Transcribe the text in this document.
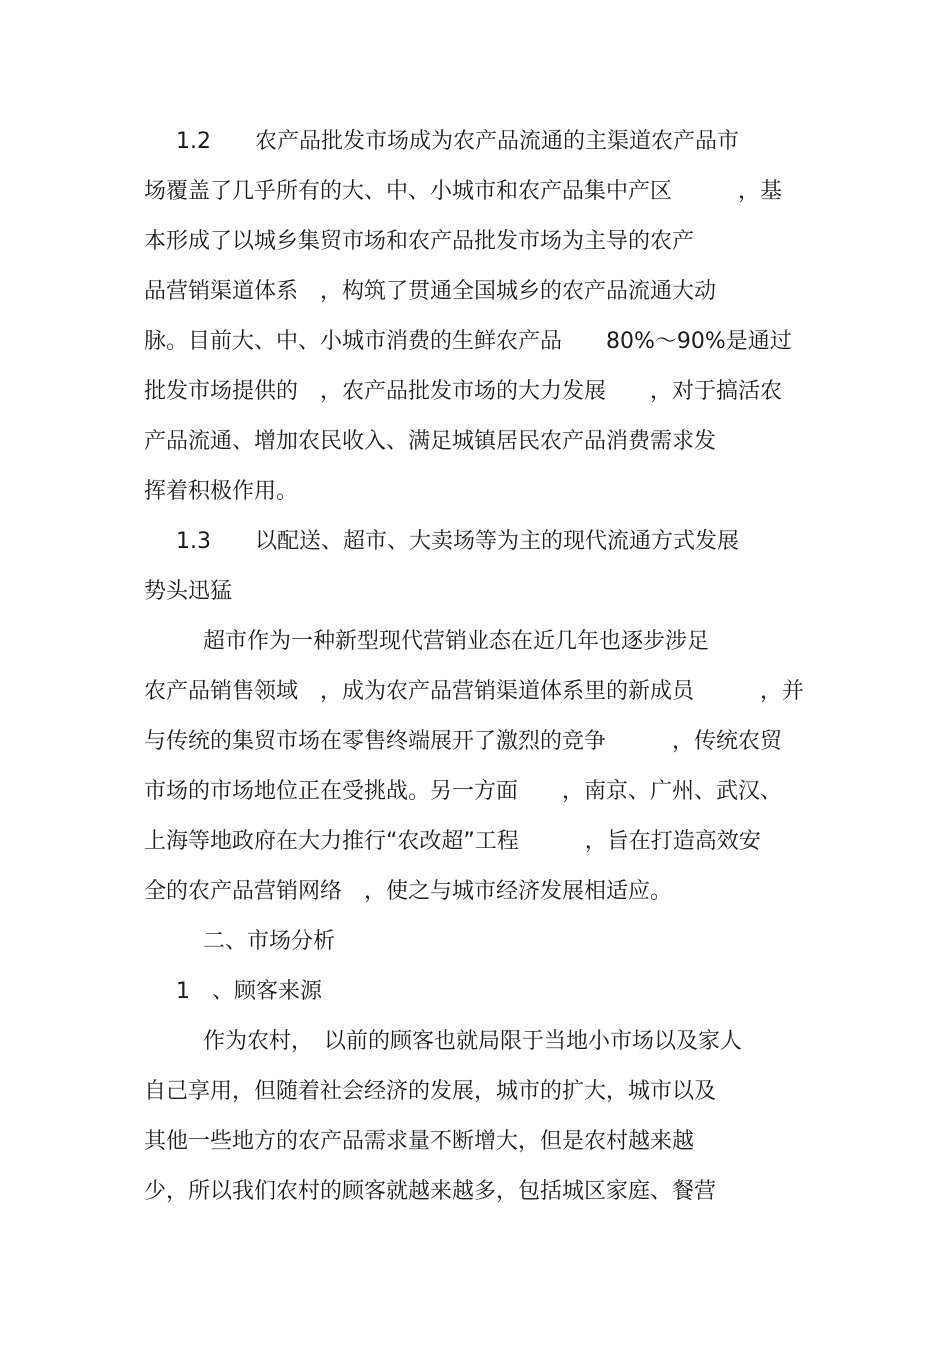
1.2　　农产品批发市场成为农产品流通的主渠道农产品市
场覆盖了几乎所有的大、中、小城市和农产品集中产区　　　，基
本形成了以城乡集贸市场和农产品批发市场为主导的农产
品营销渠道体系　，构筑了贯通全国城乡的农产品流通大动
脉。目前大、中、小城市消费的生鲜农产品　　80%～90%是通过
批发市场提供的　，农产品批发市场的大力发展　　，对于搞活农
产品流通、增加农民收入、满足城镇居民农产品消费需求发
挥着积极作用。
1.3　　以配送、超市、大卖场等为主的现代流通方式发展
势头迅猛
超市作为一种新型现代营销业态在近几年也逐步涉足
农产品销售领域　，成为农产品营销渠道体系里的新成员　　　，并
与传统的集贸市场在零售终端展开了激烈的竞争　　　，传统农贸
市场的市场地位正在受挑战。另一方面　　，南京、广州、武汉、
上海等地政府在大力推行“农改超”工程　　　，旨在打造高效安
全的农产品营销网络　，使之与城市经济发展相适应。
二、市场分析
1　、顾客来源
作为农村，　以前的顾客也就局限于当地小市场以及家人
自己享用，但随着社会经济的发展，城市的扩大，城市以及
其他一些地方的农产品需求量不断增大，但是农村越来越
少，所以我们农村的顾客就越来越多，包括城区家庭、餐营
